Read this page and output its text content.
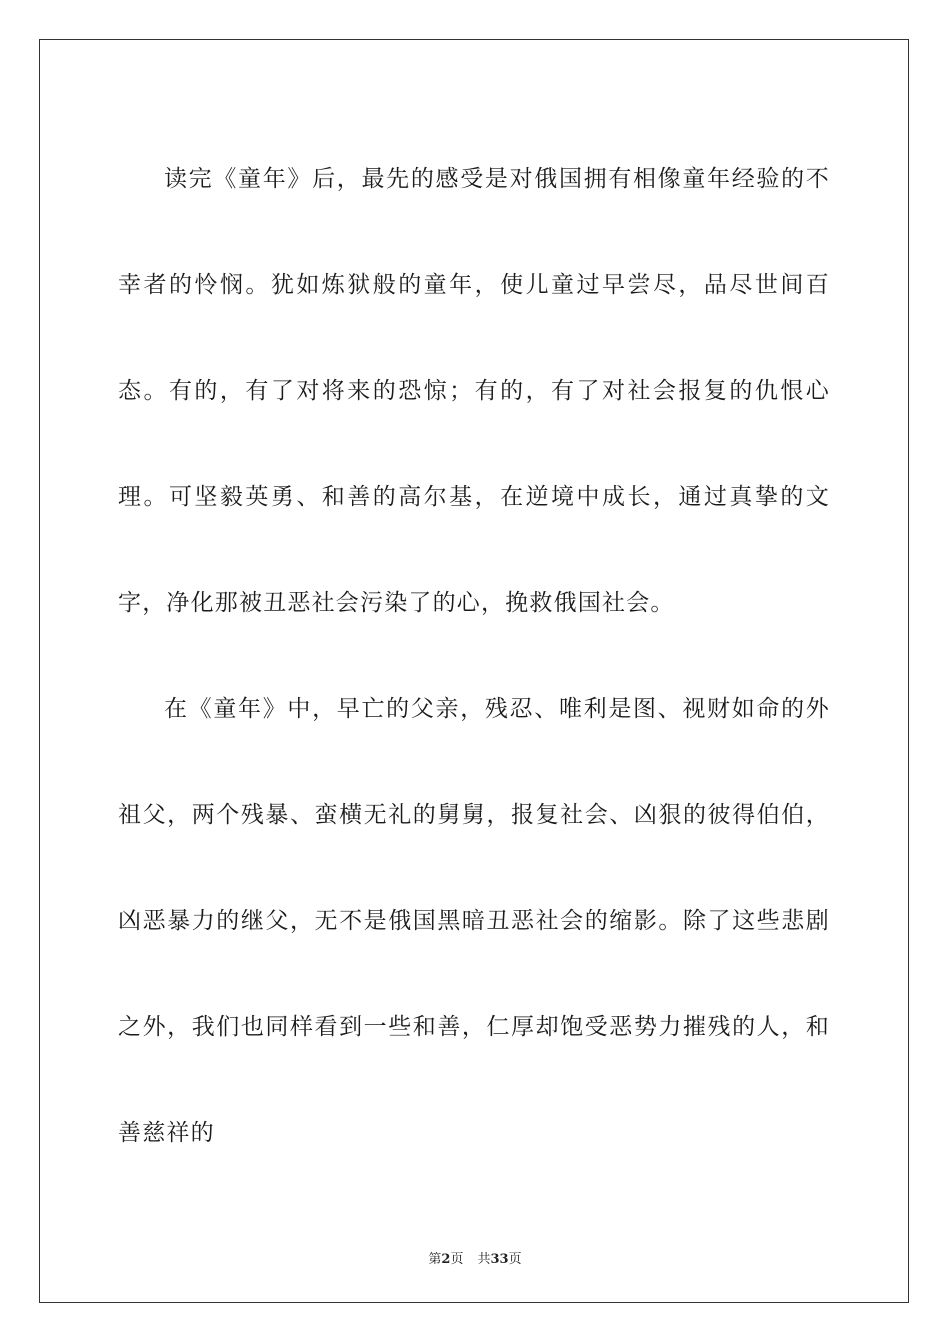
读完《童年》后，最先的感受是对俄国拥有相像童年经验的不幸者的怜悯。犹如炼狱般的童年，使儿童过早尝尽，品尽世间百态。有的，有了对将来的恐惊；有的，有了对社会报复的仇恨心理。可坚毅英勇、和善的高尔基，在逆境中成长，通过真挚的文字，净化那被丑恶社会污染了的心，挽救俄国社会。

在《童年》中，早亡的父亲，残忍、唯利是图、视财如命的外祖父，两个残暴、蛮横无礼的舅舅，报复社会、凶狠的彼得伯伯，凶恶暴力的继父，无不是俄国黑暗丑恶社会的缩影。除了这些悲剧之外，我们也同样看到一些和善，仁厚却饱受恶势力摧残的人，和善慈祥的

第2页 共33页
